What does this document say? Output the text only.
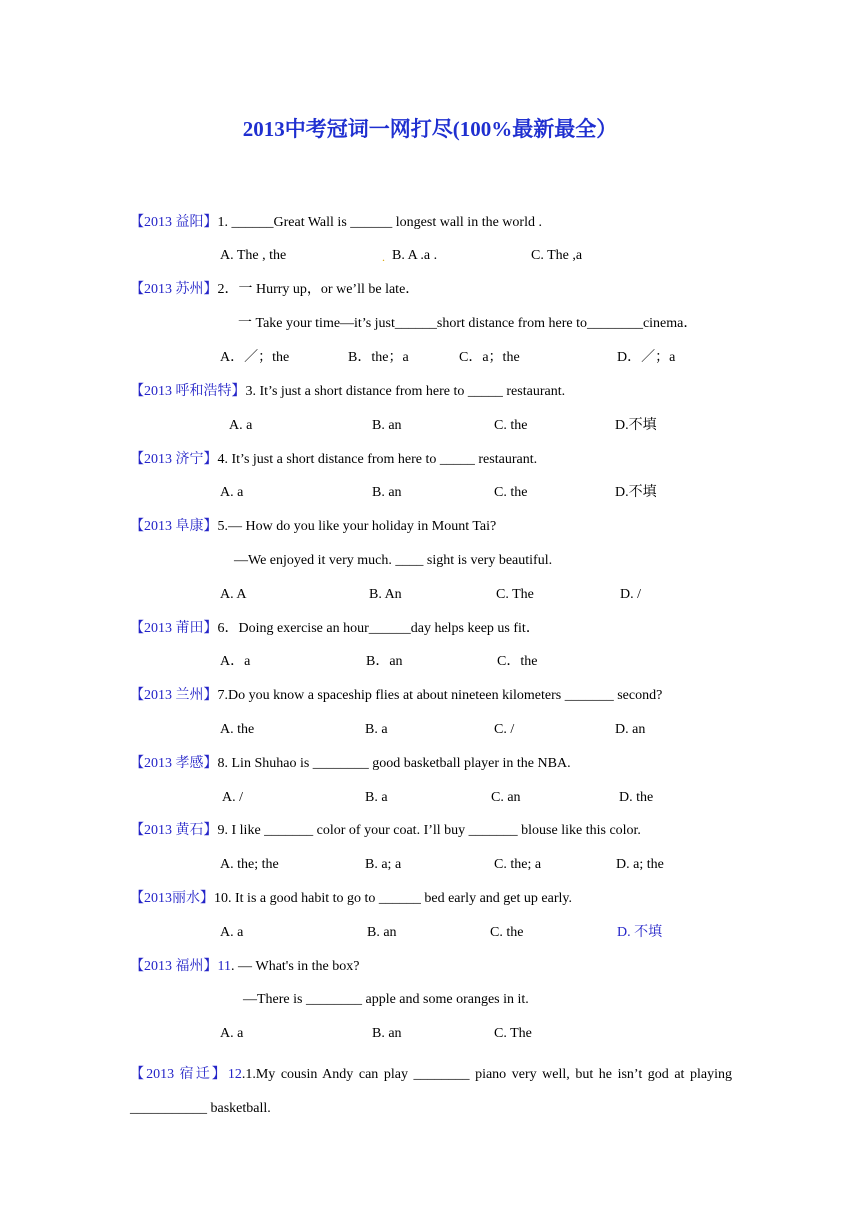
2013中考冠词一网打尽(100%最新最全）
【2013 益阳】1. ______Great Wall is ______ longest wall in the world .
A. The , the	. B. A .a .	C. The ,a
【2013 苏州】2．一 Hurry up，or we’ll be late．
一 Take your time—it’s just______short distance from here to________cinema．
A．／；the	B．the；a	C．a；the	D．／；a
【2013 呼和浩特】3. It’s just a short distance from here to _____ restaurant.
A. a	B. an	C. the	D.不填
【2013 济宁】4. It’s just a short distance from here to _____ restaurant.
A. a	B. an	C. the	D.不填
【2013 阜康】5.— How do you like your holiday in Mount Tai?
—We enjoyed it very much. ____ sight is very beautiful.
A. A	B. An	C. The	D. /
【2013 莆田】6．Doing exercise an hour______day helps keep us fit．
A．a	B．an	C．the
【2013 兰州】7.Do you know a spaceship flies at about nineteen kilometers _______ second?
A. the	B. a	C. /	D. an
【2013 孝感】8. Lin Shuhao is ________ good basketball player in the NBA.
A. /	B. a	C. an	D. the
【2013 黄石】9. I like _______ color of your coat. I’ll buy _______ blouse like this color.
A. the; the	B. a; a	C. the; a	D. a; the
【2013丽水】10. It is a good habit to go to ______ bed early and get up early.
A. a	B. an	C. the	D. 不填
【2013 福州】11. — What's in the box?
—There is ________ apple and some oranges in it.
A. a	B. an	C. The
【2013 宿迁】12.1.My cousin Andy can play ________ piano very well, but he isn’t god at playing ___________ basketball.
